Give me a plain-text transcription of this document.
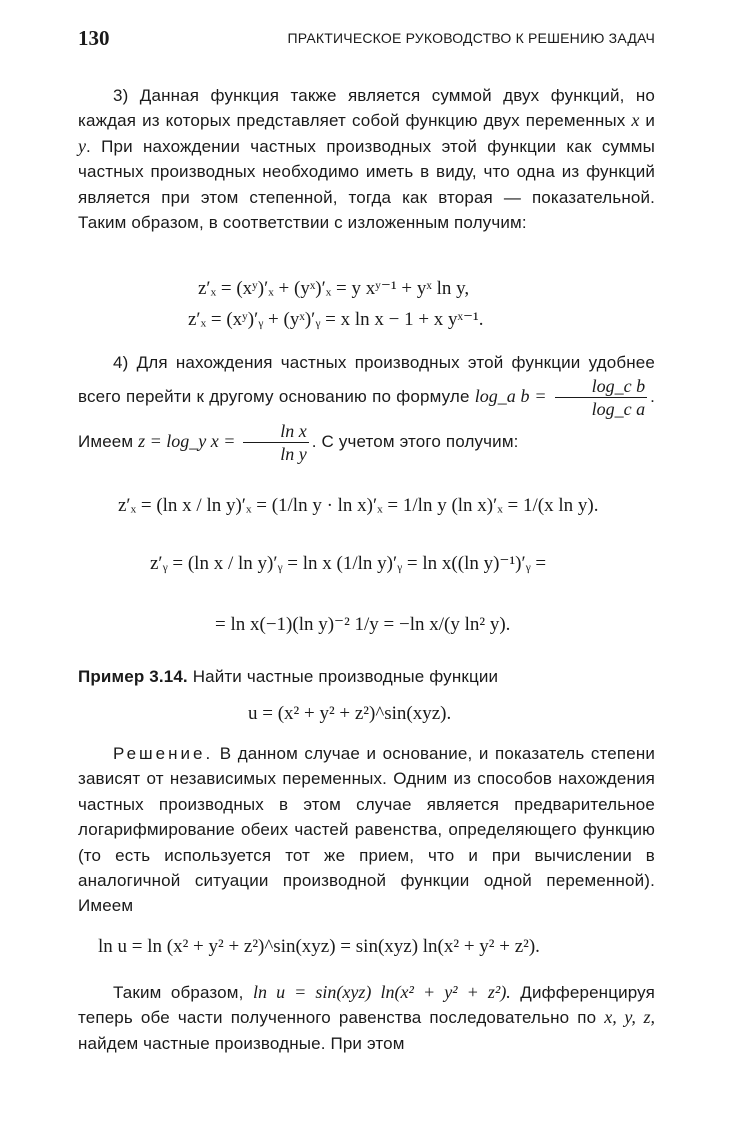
130	ПРАКТИЧЕСКОЕ РУКОВОДСТВО К РЕШЕНИЮ ЗАДАЧ

3) Данная функция также является суммой двух функций, но каждая из которых представляет собой функцию двух переменных x и y. При нахождении частных производных этой функции как суммы частных производных необходимо иметь в виду, что одна из функций является при этом степенной, тогда как вторая — показательной. Таким образом, в соответствии с изложенным получим:

z′ₓ = (xʸ)′ₓ + (yˣ)′ₓ = y xʸ⁻¹ + yˣ ln y,
z′ₓ = (xʸ)′ᵧ + (yˣ)′ᵧ = x ln x − 1 + x yˣ⁻¹.

4) Для нахождения частных производных этой функции удобнее всего перейти к другому основанию по формуле log_a $b = \frac{\text{log\_c b}}{\text{log\_c a}}$ . Имеем z = log_y $x = \frac{\text{ln x}}{\text{ln y}}$ . С учетом этого получим:

z′ₓ = (ln x / ln y)′ₓ = (1/ln y · ln x)′ₓ = 1/ln y (ln x)′ₓ = 1/(x ln y).
z′ᵧ = (ln x / ln y)′ᵧ = ln x (1/ln y)′ᵧ = ln x((ln y)⁻¹)′ᵧ =
= ln x(−1)(ln y)⁻² 1/y = −ln x/(y ln² y).

Пример 3.14. Найти частные производные функции

u = (x² + y² + z²)^sin(xyz).

Решение. В данном случае и основание, и показатель степени зависят от независимых переменных. Одним из способов нахождения частных производных в этом случае является предварительное логарифмирование обеих частей равенства, определяющего функцию (то есть используется тот же прием, что и при вычислении в аналогичной ситуации производной функции одной переменной). Имеем

ln u = ln (x² + y² + z²)^sin(xyz) = sin(xyz) ln(x² + y² + z²).

Таким образом, ln u = sin(xyz) ln(x² + y² + z²). Дифференцируя теперь обе части полученного равенства последовательно по x, y, z, найдем частные производные. При этом
